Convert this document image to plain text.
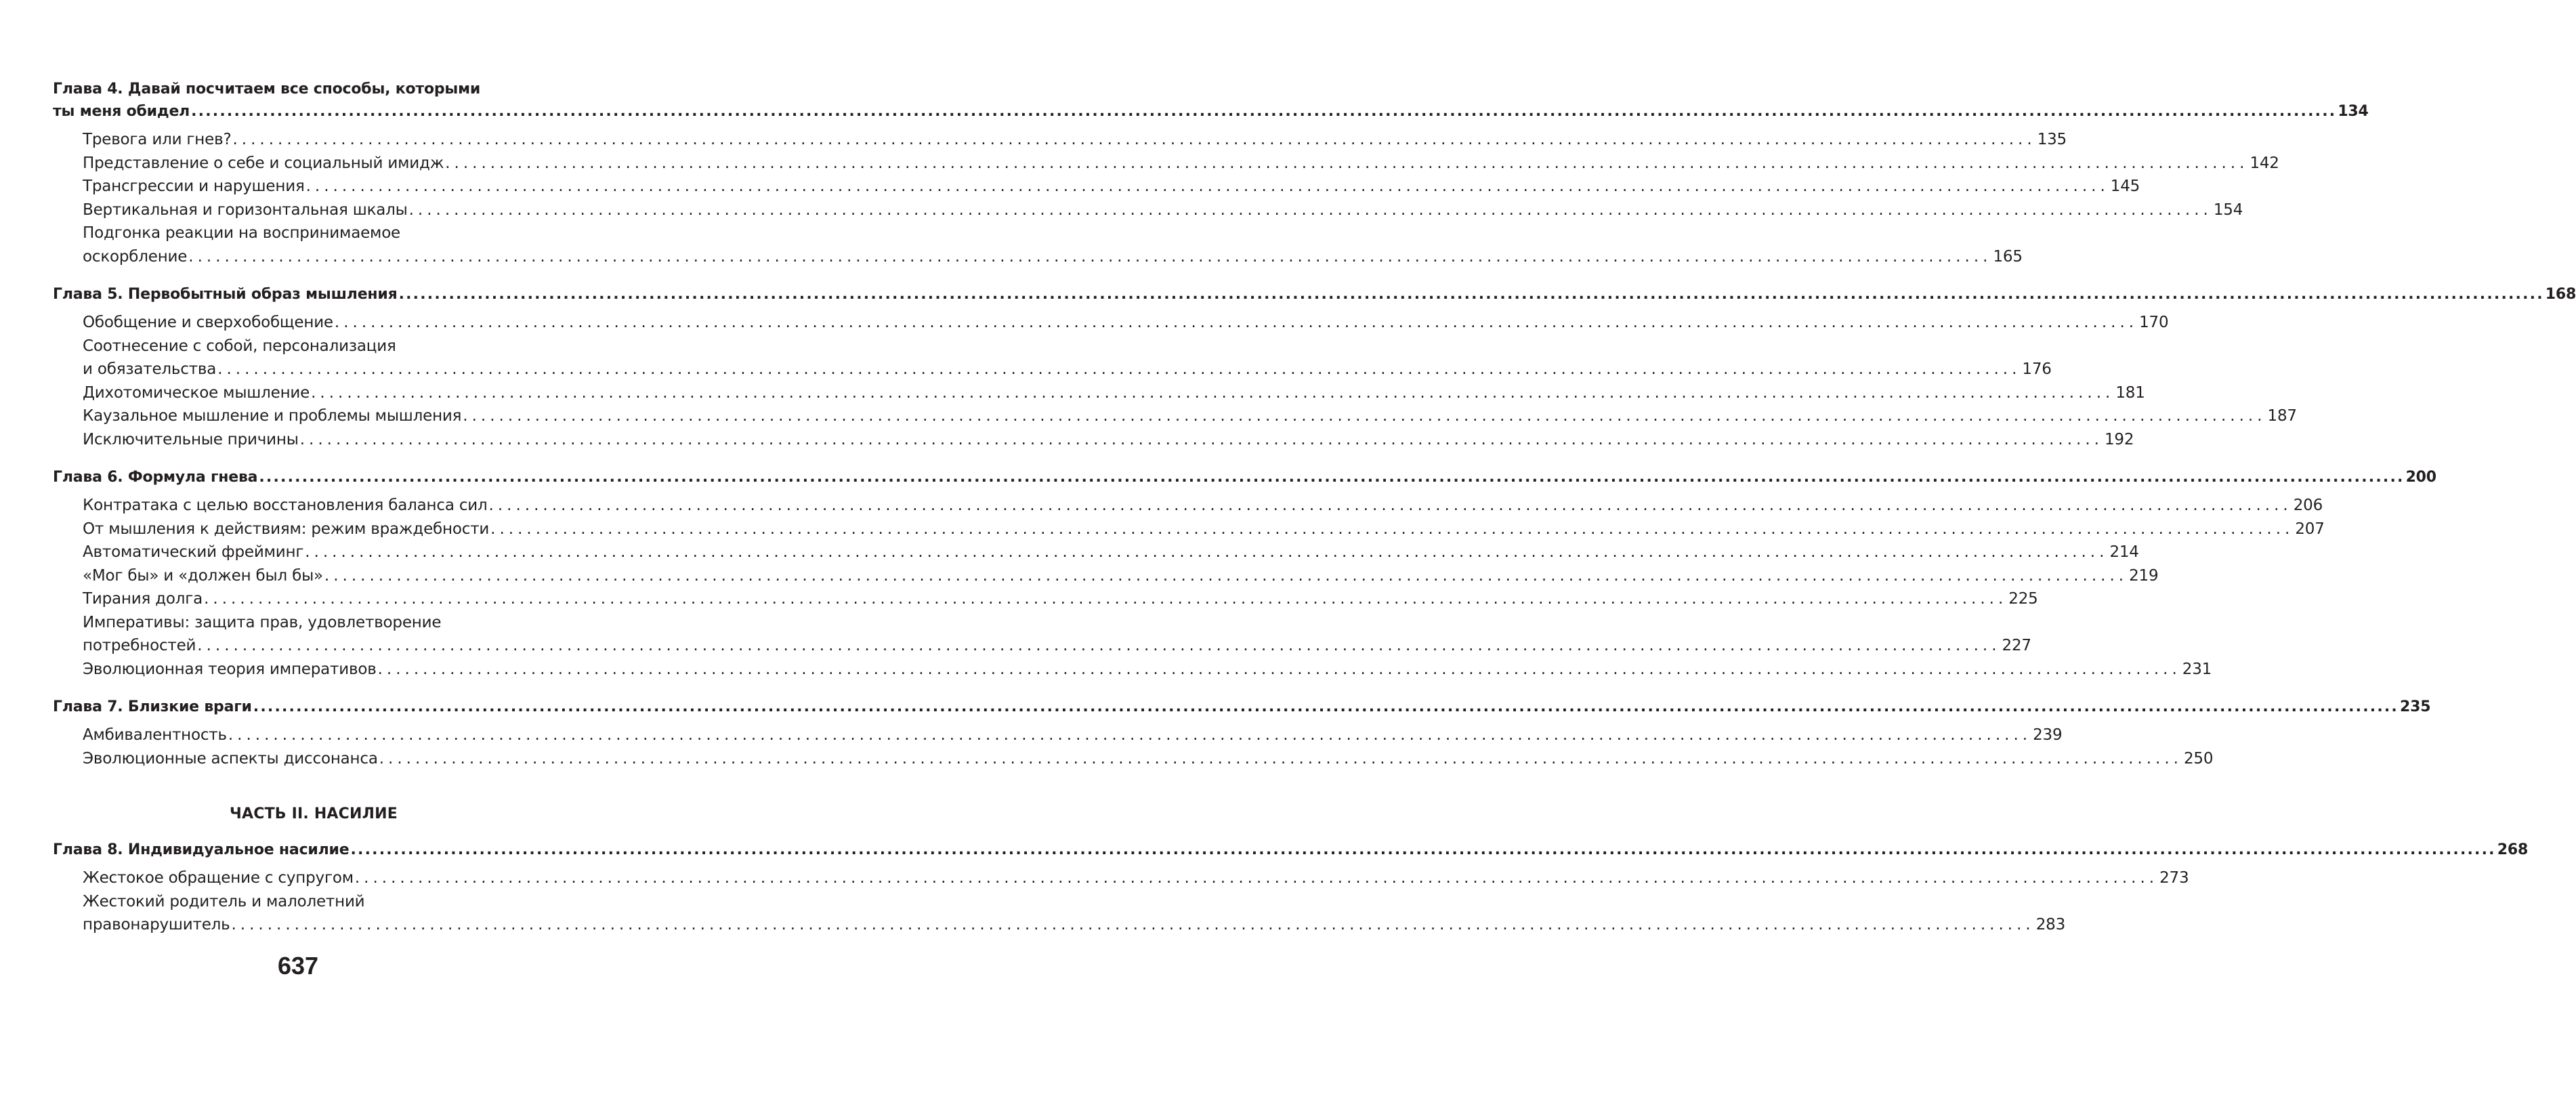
Глава 4. Давай посчитаем все способы, которыми
ты меня обидел ............................................................................................................................................................................................................................................................................................................ 134
Тревога или гнев? ........................................................................................................................................................................................................ 135
Представление о себе и социальный имидж ........................................................................................................................................................................................................ 142
Трансгрессии и нарушения ........................................................................................................................................................................................................ 145
Вертикальная и горизонтальная шкалы ........................................................................................................................................................................................................ 154
Подгонка реакции на воспринимаемое
оскорбление ........................................................................................................................................................................................................ 165
Глава 5. Первобытный образ мышления ............................................................................................................................................................................................................................................................................................................ 168
Обобщение и сверхобобщение ........................................................................................................................................................................................................ 170
Соотнесение с собой, персонализация
и обязательства ........................................................................................................................................................................................................ 176
Дихотомическое мышление ........................................................................................................................................................................................................ 181
Каузальное мышление и проблемы мышления ........................................................................................................................................................................................................ 187
Исключительные причины ........................................................................................................................................................................................................ 192
Глава 6. Формула гнева ............................................................................................................................................................................................................................................................................................................ 200
Контратака с целью восстановления баланса сил ........................................................................................................................................................................................................ 206
От мышления к действиям: режим враждебности ........................................................................................................................................................................................................ 207
Автоматический фрейминг ........................................................................................................................................................................................................ 214
«Мог бы» и «должен был бы» ........................................................................................................................................................................................................ 219
Тирания долга ........................................................................................................................................................................................................ 225
Императивы: защита прав, удовлетворение
потребностей ........................................................................................................................................................................................................ 227
Эволюционная теория императивов ........................................................................................................................................................................................................ 231
Глава 7. Близкие враги ............................................................................................................................................................................................................................................................................................................ 235
Амбивалентность ........................................................................................................................................................................................................ 239
Эволюционные аспекты диссонанса ........................................................................................................................................................................................................ 250
ЧАСТЬ II. НАСИЛИЕ
Глава 8. Индивидуальное насилие ............................................................................................................................................................................................................................................................................................................ 268
Жестокое обращение с супругом ........................................................................................................................................................................................................ 273
Жестокий родитель и малолетний
правонарушитель ........................................................................................................................................................................................................ 283
637
